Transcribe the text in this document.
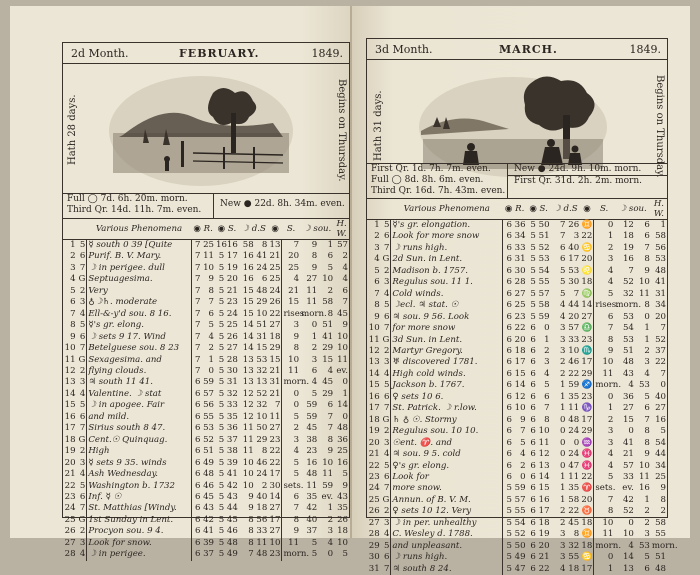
2d Month.	FEBRUARY.	1849.
Hath 28 days.	Begins on Thursday.
Full ◯ 7d. 6h. 20m. morn.
Third Qr. 14d. 11h. 7m. even.
New ● 22d. 8h. 34m. even.
		Various Phenomena	◉ R.		◉ S.		☽ d.S		◉	S.	☽ sou.		H. W.
1	5	☿ south 0 39 [Quite	7	25	16	16	58	8	13	7	9	1	57
2	6	Purif. B. V. Mary.	7	11	5	17	16	41	21	20	8	6	2
3	7	☽ in perigee. dull	7	10	5	19	16	24	25	25	9	5	4
4	G	Septuagesima.	7	9	5	20	16	6	25	4	27	10	4
5	2	Very	7	8	5	21	15	48	24	21	11	2	6
6	3	♁☽♄. moderate	7	7	5	23	15	29	26	15	11	58	7
7	4	Ell-&-y'd sou. 8 16.	7	6	5	24	15	10	22	rises.	morn.	8	45
8	5	☿'s gr. elong.	7	5	5	25	14	51	27	3	0	51	9
9	6	☽ sets 9 17. Wind	7	4	5	26	14	31	18	9	1	41	10
10	7	Betelguese sou. 8 23	7	2	5	27	14	15	29	8	2	29	10
11	G	Sexagesima. and	7	1	5	28	13	53	15	10	3	15	11
12	2	flying clouds.	7	0	5	30	13	32	21	11	6	4	ev.
13	3	♃ south 11 41.	6	59	5	31	13	13	31	morn.	4	45	0
14	4	Valentine. ☽ stat	6	57	5	32	12	52	21	0	5	29	1
15	5	☽ in apogee. Fair	6	56	5	33	12	32	7	0	59	6	14
16	6	and mild.	6	55	5	35	12	10	11	5	59	7	0
17	7	Sirius south 8 47.	6	53	5	36	11	50	27	2	45	7	48
18	G	Cent.☉ Quinquag.	6	52	5	37	11	29	23	3	38	8	36
19	2	High	6	51	5	38	11	8	22	4	23	9	25
20	3	☿ sets 9 35. winds	6	49	5	39	10	46	22	5	16	10	16
21	4	Ash Wednesday.	6	48	5	41	10	24	17	5	48	11	5
22	5	Washington b. 1732	6	46	5	42	10	2	30	sets.	11	59	9
23	6	Inf. ☿ ☉	6	45	5	43	9	40	14	6	35	ev.	43
24	7	St. Matthias [Windy.	6	43	5	44	9	18	27	7	42	1	35
25	G	1st Sunday in Lent.	6	42	5	45	8	56	17	8	40	2	26
26	2	Procyon sou. 9 4.	6	41	5	46	8	33	27	9	37	3	18
27	3	Look for snow.	6	39	5	48	8	11	10	11	5	4	10
28	4	☽ in perigee.	6	37	5	49	7	48	23	morn.	5	0	5
3d Month.	MARCH.	1849.
Hath 31 days.	Begins on Thursday.
First Qr. 1d. 7h. 7m. even.
Full ◯ 8d. 8h. 6m. even.
Third Qr. 16d. 7h. 43m. even.
New ● 24d. 9h. 10m. morn.
First Qr. 31d. 2h. 2m. morn.
		Various Phenomena	◉ R.		◉ S.		☽ d.S		◉	S.	☽ sou.		H. W.
1	5	☿'s gr. elongation.	6	36	5	50	7	26	♊	0	12	6	1
2	6	Look for more snow	6	34	5	51	7	3	22	1	18	6	58
3	7	☽ runs high.	6	33	5	52	6	40	♋	2	19	7	56
4	G	2d Sun. in Lent.	6	31	5	53	6	17	20	3	16	8	53
5	2	Madison b. 1757.	6	30	5	54	5	53	♌	4	7	9	48
6	3	Regulus sou. 11 1.	6	28	5	55	5	30	18	4	52	10	41
7	4	Cold winds.	6	27	5	57	5	7	♍	5	32	11	31
8	5	☽ecl. ♃ stat. ☉	6	25	5	58	4	44	14	rises.	morn.	8	34
9	6	♃ sou. 9 56. Look	6	23	5	59	4	20	27	6	53	0	20
10	7	for more snow	6	22	6	0	3	57	♎	7	54	1	7
11	G	3d Sun. in Lent.	6	20	6	1	3	33	23	8	53	1	52
12	2	Martyr Gregory.	6	18	6	2	3	10	♏	9	51	2	37
13	3	♅ discovered 1781.	6	17	6	3	2	46	17	10	48	3	22
14	4	High cold winds.	6	15	6	4	2	22	29	11	43	4	7
15	5	Jackson b. 1767.	6	14	6	5	1	59	♐	morn.	4	53	0
16	6	♀ sets 10 6.	6	12	6	6	1	35	23	0	36	5	40
17	7	St. Patrick. ☽ r.low.	6	10	6	7	1	11	♑	1	27	6	27
18	G	♄ ♁ ☉. Stormy	6	9	6	8	0	48	17	2	15	7	16
19	2	Regulus sou. 10 10.	6	7	6	10	0	24	29	3	0	8	5
20	3	☉ent. ♈. and	6	5	6	11	0	0	♒	3	41	8	54
21	4	♃ sou. 9 5. cold	6	4	6	12	0	24	♓	4	21	9	44
22	5	♀'s gr. elong.	6	2	6	13	0	47	♓	4	57	10	34
23	6	Look for	6	0	6	14	1	11	22	5	33	11	25
24	7	more snow.	5	59	6	15	1	35	♈	sets.	ev.	16	9
25	G	Annun. of B. V. M.	5	57	6	16	1	58	20	7	42	1	8
26	2	♀ sets 10 12. Very	5	55	6	17	2	22	♉	8	52	2	2
27	3	☽ in per. unhealthy	5	54	6	18	2	45	18	10	0	2	58
28	4	C. Wesley d. 1788.	5	52	6	19	3	8	♊	11	10	3	55
29	5	and unpleasant.	5	50	6	20	3	32	18	morn.	4	53	morn.
30	6	☽ runs high.	5	49	6	21	3	55	♋	0	14	5	51
31	7	♃ south 8 24.	5	47	6	22	4	18	17	1	13	6	48
